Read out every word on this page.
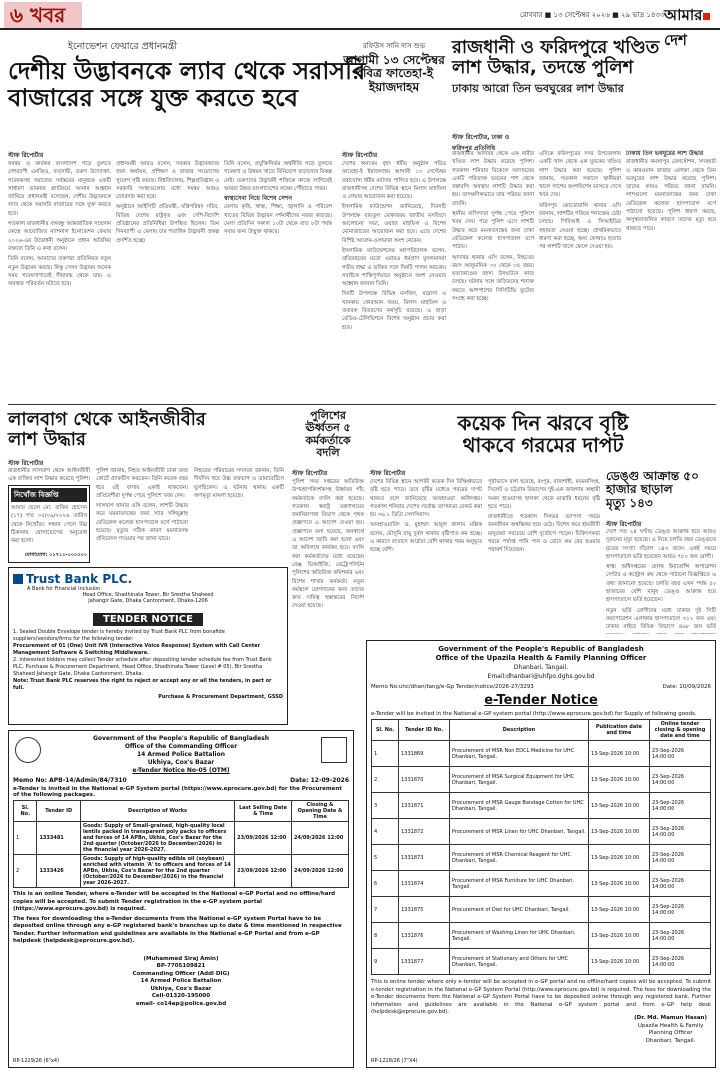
৬ খবর	রোববার ■ ১৩ সেপ্টেম্বর ২০২৬ ■ ২৯ ভাদ্র ১৪৩৩ আমারদেশ
ইনোভেশন ফেয়ারে প্রধানমন্ত্রী
দেশীয় উদ্ভাবনকে ল্যাব থেকে সরাসরি
বাজারের সঙ্গে যুক্ত করতে হবে
স্টাফ রিপোর্টার

সমন্বয় ও কার্যকর বাংলাদেশ গড়ে তুলতে দেশব্যাপী এনজিও, ব্যবসায়ী, তরুণ উদ্যোক্তা, গবেষকসহ সমাজের সর্বস্তরের মানুষকে একটি সাধারণ ভাবনার প্ল্যাটফর্মে আনার আহ্বান জানিয়ে প্রধানমন্ত্রী বলেছেন, দেশীয় উদ্ভাবনকে ল্যাব থেকে সরাসরি বাজারের সঙ্গে যুক্ত করতে হবে।

গতকাল রাজধানীর বঙ্গবন্ধু আন্তর্জাতিক সম্মেলন কেন্দ্রে আয়োজিত ন্যাশনাল ইনোভেশন ফেয়ার ২০২৬-এর উদ্বোধনী অনুষ্ঠানে প্রধান অতিথির বক্তব্যে তিনি এ কথা বলেন।

তিনি বলেন, আমাদের তরুণরা প্রতিনিয়ত নতুন নতুন উদ্ভাবন করছে। কিন্তু সেসব উদ্ভাবন অনেক সময় গবেষণাগারেই সীমাবদ্ধ থেকে যায়। এ অবস্থার পরিবর্তন ঘটাতে হবে।

প্রধানমন্ত্রী আরও বলেন, সরকার উদ্ভাবকদের জন্য অর্থায়ন, প্রশিক্ষণ ও বাজার সংযোগের সুযোগ সৃষ্টি করছে। বিশ্ববিদ্যালয়, শিল্পপ্রতিষ্ঠান ও সরকারি সংস্থাগুলোর মধ্যে সমন্বয় আরও জোরদার করা হবে।

অনুষ্ঠানে আইসিটি প্রতিমন্ত্রী, মন্ত্রিপরিষদ সচিব, বিভিন্ন দেশের রাষ্ট্রদূত এবং দেশি-বিদেশি প্রতিষ্ঠানের প্রতিনিধিরা উপস্থিত ছিলেন। তিন দিনব্যাপী এ মেলায় চার শতাধিক উদ্ভাবনী প্রকল্প প্রদর্শিত হচ্ছে।

তিনি বলেন, প্রযুক্তিনির্ভর অর্থনীতি গড়ে তুলতে গবেষণা ও উন্নয়ন খাতে বিনিয়োগ বাড়ানোর বিকল্প নেই। তরুণদের উদ্ভাবনী শক্তিকে কাজে লাগিয়েই আমরা উন্নত বাংলাদেশের লক্ষ্যে পৌঁছাতে পারব।

স্বাস্থ্যসেবা নিয়ে বিশেষ সেশন

মেলায় কৃষি, স্বাস্থ্য, শিক্ষা, জ্বালানি ও পরিবেশ খাতের বিভিন্ন উদ্ভাবন দর্শনার্থীদের নজর কাড়ছে। মেলা প্রতিদিন সকাল ১০টা থেকে রাত ৮টা পর্যন্ত সবার জন্য উন্মুক্ত থাকবে।

রফিউস সানি দাস শুভ
আগামী ১৩ সেপ্টেম্বর
পবিত্র ফাতেহা-ই
ইয়াজদাহম
স্টাফ রিপোর্টার

দেশের অন্যতম বৃহৎ ধর্মীয় অনুষ্ঠান পবিত্র ফাতেহা-ই ইয়াজদাহম আগামী ১৩ সেপ্টেম্বর যথাযোগ্য ধর্মীয় মর্যাদায় পালিত হবে। এ উপলক্ষে রাজধানীসহ দেশের বিভিন্ন স্থানে মিলাদ মাহফিল ও দোয়ার আয়োজন করা হয়েছে।

ইসলামিক ফাউন্ডেশন জানিয়েছে, দিবসটি উপলক্ষে বায়তুল মোকাররম জাতীয় মসজিদে আলোচনা সভা, ওয়াজ মাহফিল ও বিশেষ মোনাজাতের আয়োজন করা হবে। এতে দেশের বিশিষ্ট আলেম-ওলামারা অংশ নেবেন।

ইসলামিক ফাউন্ডেশনের মহাপরিচালক বলেন, প্রতিবছরের মতো এবারও ধর্মপ্রাণ মুসলমানরা গভীর শ্রদ্ধা ও ভক্তির সঙ্গে দিনটি পালন করবেন। সবাইকে শান্তিপূর্ণভাবে অনুষ্ঠানে অংশ নেওয়ার আহ্বান জানান তিনি।

দিনটি উপলক্ষে বিভিন্ন মসজিদ, মাদ্রাসা ও খানকায় কোরআন খতম, মিলাদ মাহফিল ও তবারক বিতরণের কর্মসূচি রয়েছে। এ ছাড়া রেডিও-টেলিভিশনে বিশেষ অনুষ্ঠান প্রচার করা হবে।

রাজধানী ও ফরিদপুরে খণ্ডিত
লাশ উদ্ধার, তদন্তে পুলিশ
ঢাকায় আরো তিন ভবঘুরের লাশ উদ্ধার
স্টাফ রিপোর্টার, ঢাকা ও
ফরিদপুর প্রতিনিধি

রাজধানীর আদাবর থেকে এক নারীর খণ্ডিত লাশ উদ্ধার করেছে পুলিশ। গতকাল শনিবার বিকেলে আদাবরের একটি পরিত্যক্ত ভবনের পাশ থেকে বস্তাবন্দি অবস্থায় লাশটি উদ্ধার করা হয়। তাৎক্ষণিকভাবে তার পরিচয় জানা যায়নি।

স্থানীয় বাসিন্দারা দুর্গন্ধ পেয়ে পুলিশে খবর দেন। পরে পুলিশ এসে লাশটি উদ্ধার করে ময়নাতদন্তের জন্য ঢাকা মেডিকেল কলেজ হাসপাতাল মর্গে পাঠায়।

আদাবর থানার ওসি বলেন, নিহতের বয়স আনুমানিক ৩০ থেকে ৩৫ বছর। হত্যাকাণ্ডের রহস্য উদঘাটনে কাজ চলছে। ঘটনার সঙ্গে জড়িতদের শনাক্ত করতে আশপাশের সিসিটিভি ফুটেজ সংগ্রহ করা হচ্ছে।

এদিকে ফরিদপুরের সদর উপজেলায় একটি খাল থেকে এক যুবকের খণ্ডিত লাশ উদ্ধার করা হয়েছে। পুলিশ জানায়, গতকাল সকালে স্থানীয়রা খালে লাশের অংশবিশেষ ভাসতে দেখে খবর দেয়।

ফরিদপুর কোতোয়ালি থানার ওসি জানান, লাশটির পরিচয় শনাক্তের চেষ্টা চলছে। পিবিআই ও সিআইডির সহায়তা নেওয়া হচ্ছে। প্রাথমিকভাবে ধারণা করা হচ্ছে, অন্য কোথাও হত্যার পর লাশটি খালে ফেলে দেওয়া হয়।

ঢাকায় তিন ভবঘুরের লাশ উদ্ধার

রাজধানীর কমলাপুর রেলস্টেশন, সদরঘাট ও কারওয়ান বাজার এলাকা থেকে তিন ভবঘুরের লাশ উদ্ধার করেছে পুলিশ। তাদের কারও পরিচয় জানা যায়নি। লাশগুলো ময়নাতদন্তের জন্য ঢাকা মেডিকেল কলেজ হাসপাতাল মর্গে পাঠানো হয়েছে। পুলিশ ধারণা করছে, অসুস্থতাজনিত কারণে তাদের মৃত্যু হয়ে থাকতে পারে।

লালবাগ থেকে আইনজীবীর
লাশ উদ্ধার
স্টাফ রিপোর্টার

রাজধানীর লালবাগ থেকে আইনজীবী এক ব্যক্তির লাশ উদ্ধার করেছে পুলিশ।

নিখোঁজ বিজ্ঞপ্তি
আমার ছেলে মো. রাকিব হোসেন (১৭) গত ০৫/০৯/২০২৬ তারিখ থেকে নিখোঁজ। সন্ধান পেলে নিম্ন ঠিকানায় যোগাযোগের অনুরোধ করা হলো।
যোগাযোগ: ০১৭১১-০০০০০০

পুলিশ জানায়, নিহত আইনজীবী ঢাকা জজ কোর্টে প্র্যাকটিস করতেন। তিনি কয়েক বছর ধরে ওই বাসায় একাই থাকতেন। প্রতিবেশীরা দুর্গন্ধ পেয়ে পুলিশে খবর দেন।

লালবাগ থানার ওসি বলেন, লাশটি উদ্ধার করে ময়নাতদন্তের জন্য স্যার সলিমুল্লাহ মেডিকেল কলেজ হাসপাতাল মর্গে পাঠানো হয়েছে। মৃত্যুর সঠিক কারণ ময়নাতদন্ত প্রতিবেদন পাওয়ার পর জানা যাবে।

নিহতের পরিবারের সদস্যরা জানান, তিনি দীর্ঘদিন ধরে উচ্চ রক্তচাপ ও ডায়াবেটিসে ভুগছিলেন। এ ঘটনায় থানায় একটি অপমৃত্যু মামলা হয়েছে।

পুলিশের
ঊর্ধ্বতন ৫
কর্মকর্তাকে
বদলি
স্টাফ রিপোর্টার
পুলিশ সদর দপ্তরের অতিরিক্ত উপমহাপরিদর্শকসহ ঊর্ধ্বতন পাঁচ কর্মকর্তাকে বদলি করা হয়েছে। গতকাল স্বরাষ্ট্র মন্ত্রণালয়ের জননিরাপত্তা বিভাগ থেকে পৃথক প্রজ্ঞাপনে এ আদেশ দেওয়া হয়। প্রজ্ঞাপনে বলা হয়েছে, জনস্বার্থে এ আদেশ জারি করা হলো এবং তা অবিলম্বে কার্যকর হবে। বদলি করা কর্মকর্তাদের মধ্যে রয়েছেন রেঞ্জ ডিআইজি, মেট্রোপলিটন পুলিশের অতিরিক্ত কমিশনার এবং বিশেষ শাখার কর্মকর্তা। নতুন কর্মস্থলে যোগদানের জন্য তাদের দ্রুত দায়িত্ব হস্তান্তরের নির্দেশ দেওয়া হয়েছে।
Trust Bank PLC.
A Bank for Financial Inclusion
Head Office, Shadhinata Tower, Bir Srestha Shaheed
Jahangir Gate, Dhaka Cantonment, Dhaka-1206
TENDER NOTICE
1. Sealed Double Envelope tender is hereby invited by Trust Bank PLC from bonafide suppliers/vendors/firms for the following tender:
Procurement of 01 (One) Unit IVR (Interactive Voice Response) System with Call Center Management Software & Switching Middleware.
2. Interested bidders may collect Tender schedule after depositing tender schedule fee from Trust Bank PLC, Purchase & Procurement Department, Head Office, Shadhinata Tower (Level # 05), Bir Srestha Shaheed Jahangir Gate, Dhaka Cantonment, Dhaka.
Note: Trust Bank PLC reserves the right to reject or accept any or all the tenders, in part or full.
Purchase & Procurement Department, GSSD
কয়েক দিন ঝরবে বৃষ্টি
থাকবে গরমের দাপট
স্টাফ রিপোর্টার

দেশের বিভিন্ন স্থানে আগামী কয়েক দিন বিক্ষিপ্তভাবে বৃষ্টি হতে পারে। তবে বৃষ্টির মধ্যেও গরমের দাপট থাকবে বলে জানিয়েছে আবহাওয়া অধিদপ্তর। গতকাল শনিবার দেশের সর্বোচ্চ তাপমাত্রা রেকর্ড করা হয় ৩৬.২ ডিগ্রি সেলসিয়াস।

আবহাওয়াবিদ ড. মুহাম্মদ আবুল কালাম মল্লিক বলেন, মৌসুমি বায়ু দুর্বল থাকায় বৃষ্টিপাত কম হচ্ছে। এ কারণে বাতাসে আর্দ্রতা বেশি থাকায় গরম অনুভূত হচ্ছে বেশি।

পূর্বাভাসে বলা হয়েছে, রংপুর, রাজশাহী, ময়মনসিংহ, সিলেট ও চট্টগ্রাম বিভাগের দুই-এক জায়গায় অস্থায়ী দমকা হাওয়াসহ হালকা থেকে মাঝারি ধরনের বৃষ্টি হতে পারে।

রাজধানীতে গতকাল দিনভর ভ্যাপসা গরমে জনজীবন অস্বস্তিকর হয়ে ওঠে। বিশেষ করে শ্রমজীবী মানুষেরা সবচেয়ে বেশি দুর্ভোগে পড়েন। চিকিৎসকরা গরমে পর্যাপ্ত পানি পান ও রোদে কম বের হওয়ার পরামর্শ দিয়েছেন।

ডেঙ্গু আক্রান্ত ৫০
হাজার ছাড়াল
মৃত্যু ১৪৩
স্টাফ রিপোর্টার

দেশে গত ২৪ ঘণ্টায় ডেঙ্গু আক্রান্ত হয়ে আরও দুজনের মৃত্যু হয়েছে। এ নিয়ে চলতি বছর ডেঙ্গুতে মৃতের সংখ্যা দাঁড়াল ১৪৩ জনে। একই সময়ে হাসপাতালে ভর্তি হয়েছেন আরও ৭৮০ জন রোগী।

স্বাস্থ্য অধিদপ্তরের হেলথ ইমার্জেন্সি অপারেশন সেন্টার ও কন্ট্রোল রুম থেকে পাঠানো বিজ্ঞপ্তিতে এ তথ্য জানানো হয়েছে। চলতি বছর এখন পর্যন্ত ৫০ হাজারের বেশি মানুষ ডেঙ্গু আক্রান্ত হয়ে হাসপাতালে ভর্তি হয়েছেন।

নতুন ভর্তি রোগীদের মধ্যে ঢাকার দুই সিটি করপোরেশন এলাকার হাসপাতালে ৩১২ জন এবং ঢাকার বাইরে বিভিন্ন বিভাগে ৪৬৮ জন ভর্তি

Government of the People's Republic of Bangladesh
Office of the Commanding Officer
14 Armed Police Battalion
Ukhiya, Cox's Bazar
e-Tender Notice No-05 (OTM)
Memo No: APB-14/Admin/84/7310	Date: 12-09-2026
e-Tender is invited in the National e-GP System portal (https://www.eprocure.gov.bd) for the Procurement of the following packages.
Sl. No.	Tender ID	Description of Works	Last Selling Date & Time	Closing & Opening Date & Time
1	1333481	Goods: Supply of Small-grained, high-quality local lentils packed in transparent poly packs to officers and forces of 14 APBn, Ukhia, Cox's Bazar for the 2nd quarter (October/2026 to December/2026) in the financial year 2026-2027.	23/09/2026 12:00	24/09/2026 12:00
2	1333426	Goods: Supply of high-quality edible oil (soybean) enriched with vitamin 'A' to officers and forces of 14 APBn, Ukhia, Cox's Bazar for the 2nd quarter (October/2026 to December/2026) in the financial year 2026-2027.	23/09/2026 12:00	24/09/2026 12:00
This is an online Tender, where e-Tender will be accepted in the National e-GP Portal and no offline/hard copies will be accepted. To submit Tender registration in the e-GP system portal (https://www.eprocure.gov.bd) is required.
The fees for downloading the e-Tender documents from the National e-GP system Portal have to be deposited online through any e-GP registered bank's branches up to date & time mentioned in respective Tender. Further information and guidelines are available in the National e-GP Portal and from e-GP helpdesk (helpdesk@eprocure.gov.bd).
(Muhammed Siraj Amin)
BP-7705109821
Commanding Officer (Addl DIG)
14 Armed Police Battalion
Ukhiya, Cox's Bazar
Cell-01320-195000
email- co14ap@police.gov.bd
RP-1229/26 (6"x4)
Government of the People's Republic of Bangladesh
Office of the Upazila Health & Family Planning Officer
Dhanbari, Tangail.
Email:dhanbari@uhfpo.dghs.gov.bd
Memo No:uhc/dhan/tang/e-Gp Tender/notice/2026-27/3293	Date: 10/09/2026
e-Tender Notice
e-Tender will be invited in the National e-GP system portal (http://www.eprocure.gov.bd) for Supply of following goods.
Sl. No.	Tender ID No.	Description	Publication date and time	Online tender closing & opening date and time
1	1331869	Procurement of MSR Non EDCL Medicine for UHC Dhanbari, Tangail.	13-Sep-2026 10:00	23-Sep-2026 14:00:00
2	1331870	Procurement of MSR Surgical Equipment for UHC Dhanbari, Tangail.	13-Sep-2026 10:00	23-Sep-2026 14:00:00
3	1331871	Procurement of MSR Gauge Bandage Cotton for UHC Dhanbari, Tangail.	13-Sep-2026 10:00	23-Sep-2026 14:00:00
4	1331872	Procurement of MSR Linen for UHC Dhanbari, Tangail.	13-Sep-2026 10:00	23-Sep-2026 14:00:00
5	1331873	Procurement of MSR Chemical Reagent for UHC Dhanbari, Tangail.	13-Sep-2026 10:00	23-Sep-2026 14:00:00
6	1331874	Procurement of MSR Furniture for UHC Dhanbari, Tangail.	13-Sep-2026 10:00	23-Sep-2026 14:00:00
7	1331875	Procurement of Diet for UHC Dhanbari, Tangail.	13-Sep-2026 10:00	23-Sep-2026 14:00:00
8	1331876	Procurement of Washing Linen for UHC Dhanbari, Tangail.	13-Sep-2026 10:00	23-Sep-2026 14:00:00
9	1331877	Procurement of Stationary and Others for UHC Dhanbari, Tangail.	13-Sep-2026 10:00	23-Sep-2026 14:00:00
This is online tender where only e-tender will be accepted in e-GP portal and no offline/hard copies will be accepted. To submit e-tender registration in the National e-GP System Portal (http://www.eprocure.gov.bd) is required. The fees for downloading the e-Tender documents from the National e-GP System Portal have to be deposited online through any registered bank. Further information and guidelines are available in the National e-GP system portal and from e-GP help desk (helpdesk@eprocure.gov.bd).
(Dr. Md. Mamun Hasan)
Upazila Health & Family
Planning Officer
Dhanbari, Tangail.
RP-1228/26 (7"X4)
